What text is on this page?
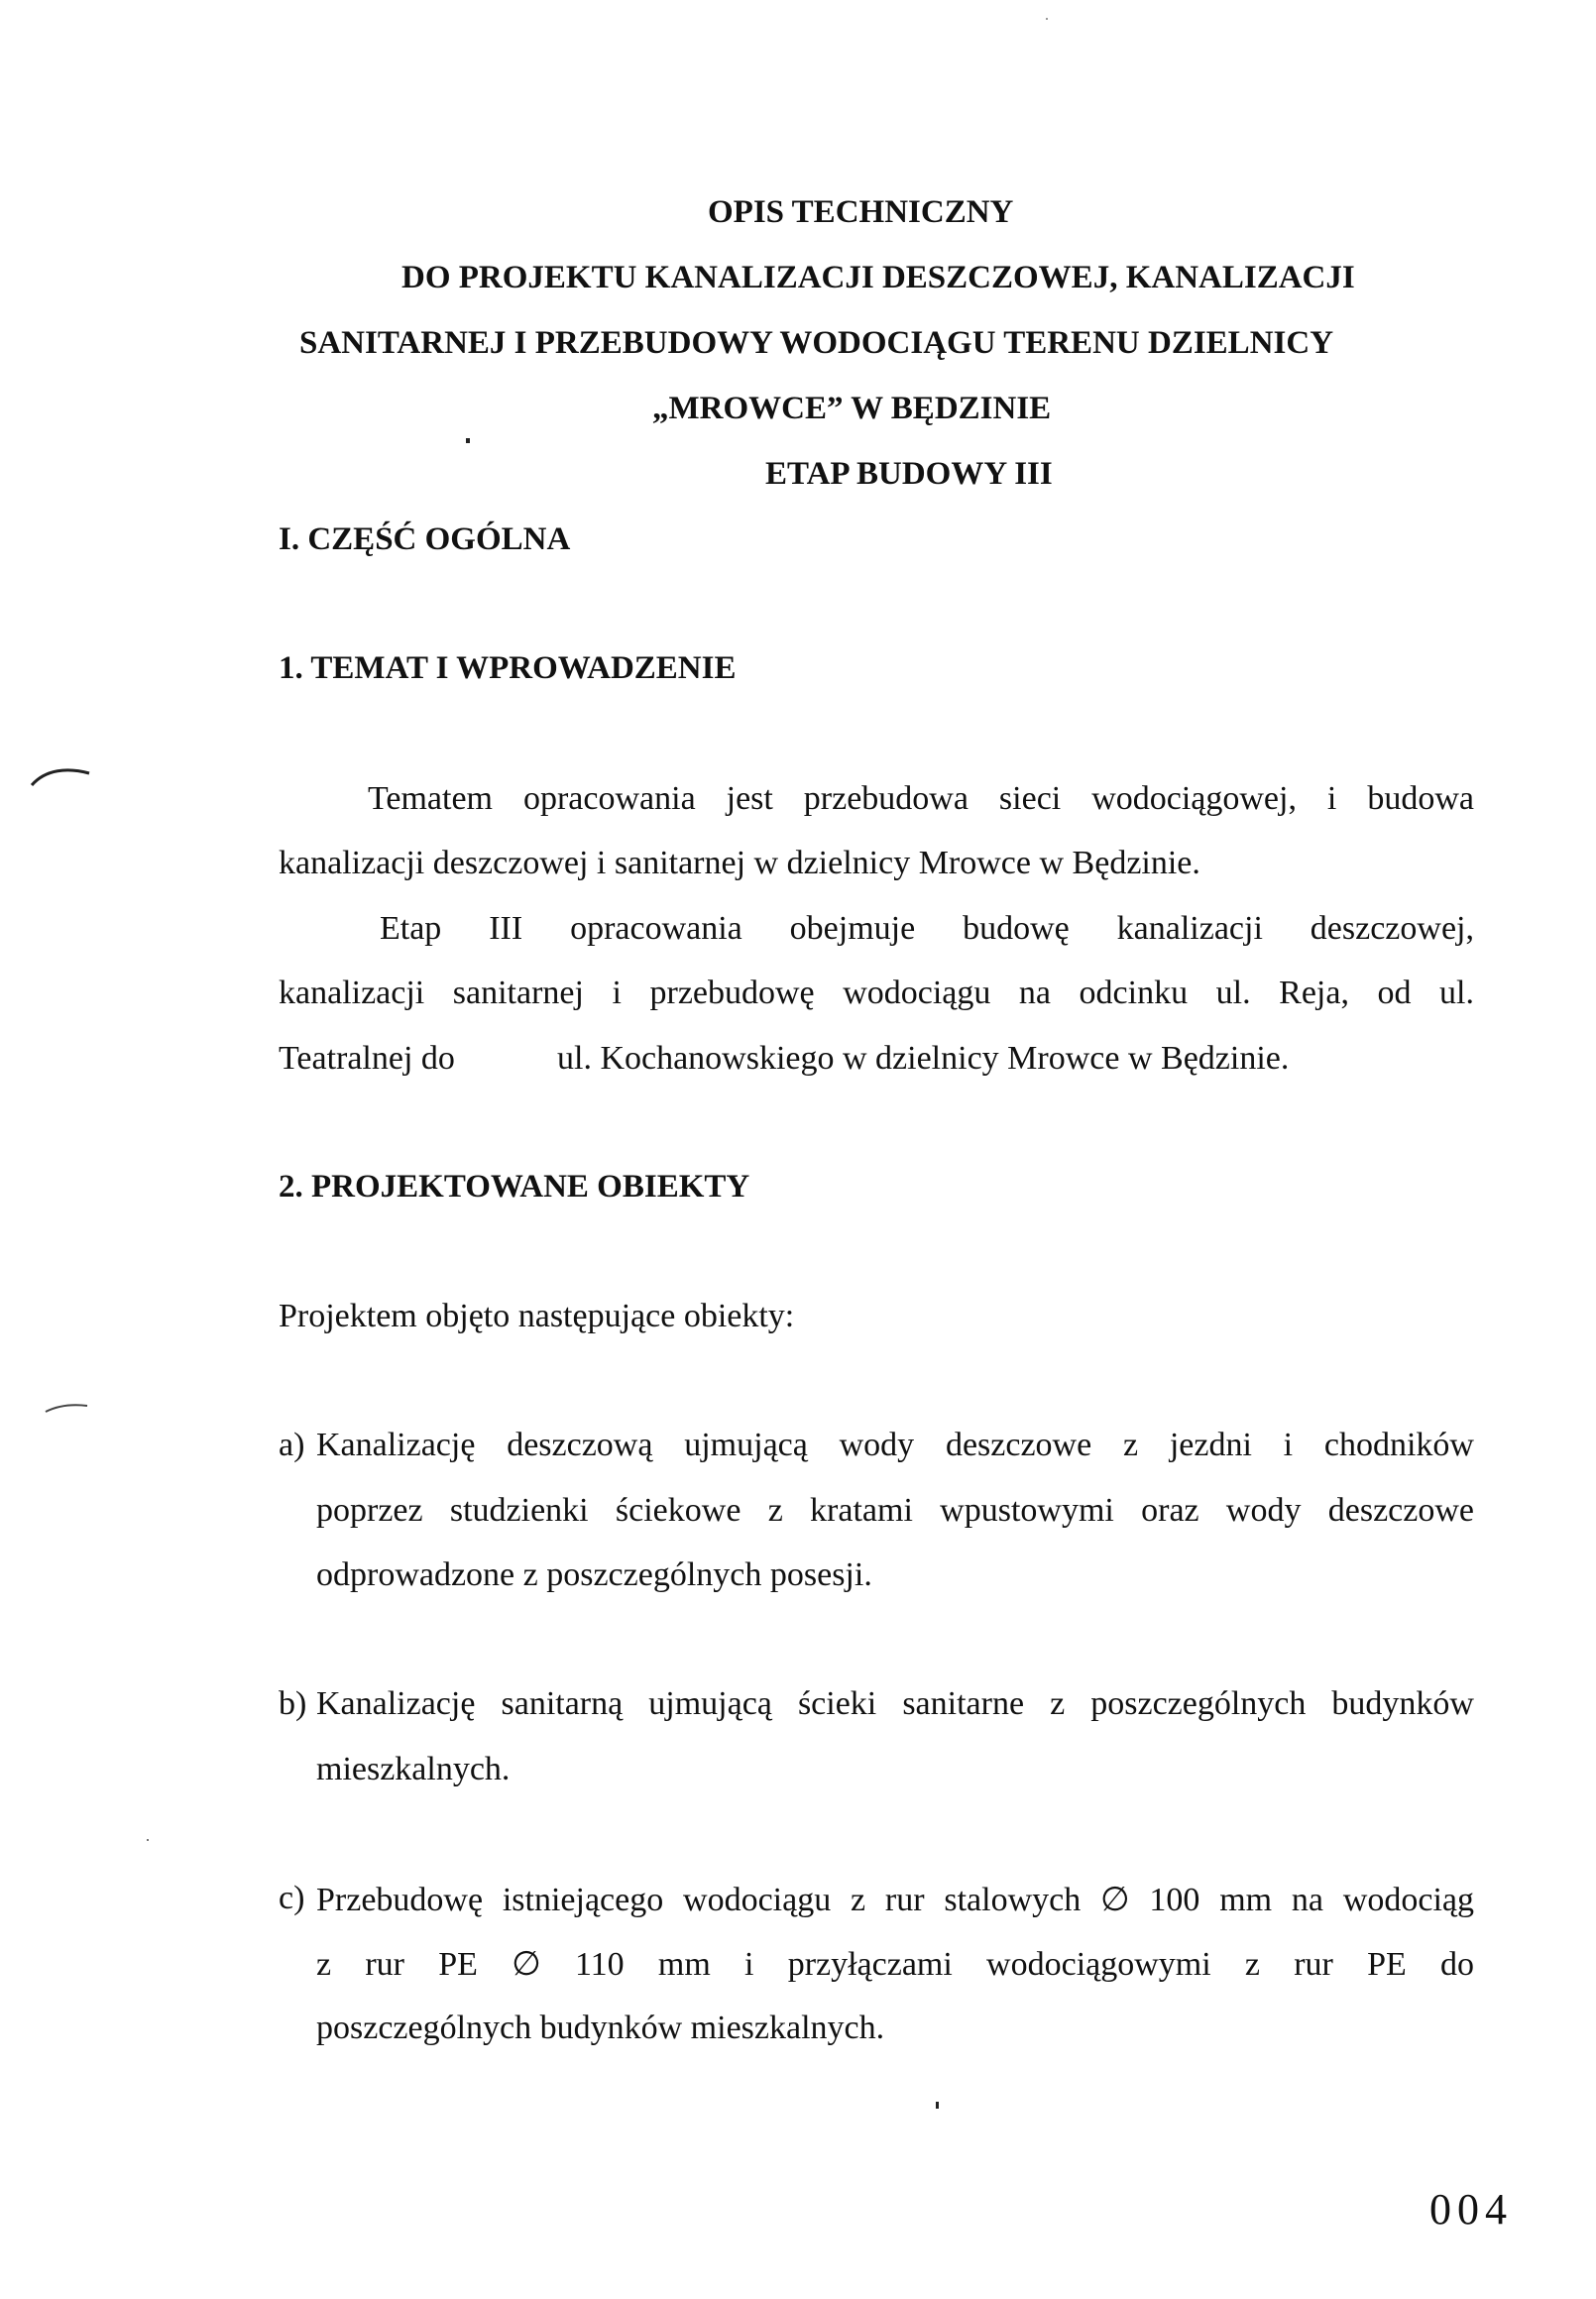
OPIS TECHNICZNY
DO PROJEKTU KANALIZACJI DESZCZOWEJ, KANALIZACJI
SANITARNEJ I PRZEBUDOWY WODOCIĄGU TERENU DZIELNICY
„MROWCE” W BĘDZINIE
ETAP BUDOWY III
I. CZĘŚĆ OGÓLNA
1. TEMAT I WPROWADZENIE
Tematem opracowania jest przebudowa sieci wodociągowej, i budowa
kanalizacji deszczowej i sanitarnej w dzielnicy Mrowce w Będzinie.
Etap III opracowania obejmuje budowę kanalizacji deszczowej,
kanalizacji sanitarnej i przebudowę wodociągu na odcinku ul. Reja, od ul.
Teatralnej do	ul. Kochanowskiego w dzielnicy Mrowce w Będzinie.
2. PROJEKTOWANE OBIEKTY
Projektem objęto następujące obiekty:
a) Kanalizację deszczową ujmującą wody deszczowe z jezdni i chodników
poprzez studzienki ściekowe z kratami wpustowymi oraz wody deszczowe
odprowadzone z poszczególnych posesji.
b) Kanalizację sanitarną ujmującą ścieki sanitarne z poszczególnych budynków
mieszkalnych.
c) Przebudowę istniejącego wodociągu z rur stalowych ∅ 100 mm na wodociąg
z rur PE ∅ 110 mm i przyłączami wodociągowymi z rur PE do
poszczególnych budynków mieszkalnych.
004
